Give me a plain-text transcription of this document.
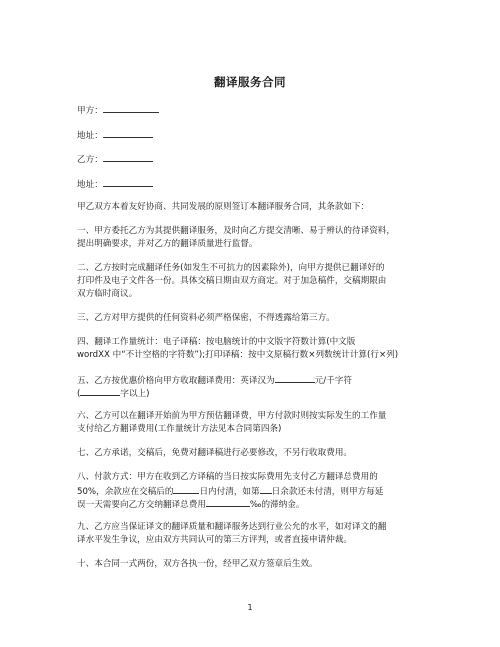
翻译服务合同
甲方：
地址：
乙方：
地址：
甲乙双方本着友好协商、共同发展的原则签订本翻译服务合同，其条款如下：
一、甲方委托乙方为其提供翻译服务，及时向乙方提交清晰、易于辨认的待译资料，
提出明确要求，并对乙方的翻译质量进行监督。
二、乙方按时完成翻译任务(如发生不可抗力的因素除外)，向甲方提供已翻译好的
打印件及电子文件各一份。具体交稿日期由双方商定。对于加急稿件，交稿期限由
双方临时商议。
三、乙方对甲方提供的任何资料必须严格保密，不得透露给第三方。
四、翻译工作量统计：电子译稿：按电脑统计的中文版字符数计算(中文版
wordXX 中“不计空格的字符数”);打印译稿：按中文原稿行数×列数统计计算(行×列)
五、乙方按优惠价格向甲方收取翻译费用：英译汉为	元/千字符
(	字以上)
六、乙方可以在翻译开始前为甲方预估翻译费，甲方付款时则按实际发生的工作量
支付给乙方翻译费用(工作量统计方法见本合同第四条)
七、乙方承诺，交稿后，免费对翻译稿进行必要修改，不另行收取费用。
八、付款方式：甲方在收到乙方译稿的当日按实际费用先支付乙方翻译总费用的
50%，余款应在交稿后的	日内付清，如第 日余款还未付清，则甲方每延
误一天需要向乙方交纳翻译总费用	‰的滞纳金。
九、乙方应当保证译文的翻译质量和翻译服务达到行业公允的水平，如对译文的翻
译水平发生争议，应由双方共同认可的第三方评判，或者直接申请仲裁。
十、本合同一式两份，双方各执一份，经甲乙双方签章后生效。
1
